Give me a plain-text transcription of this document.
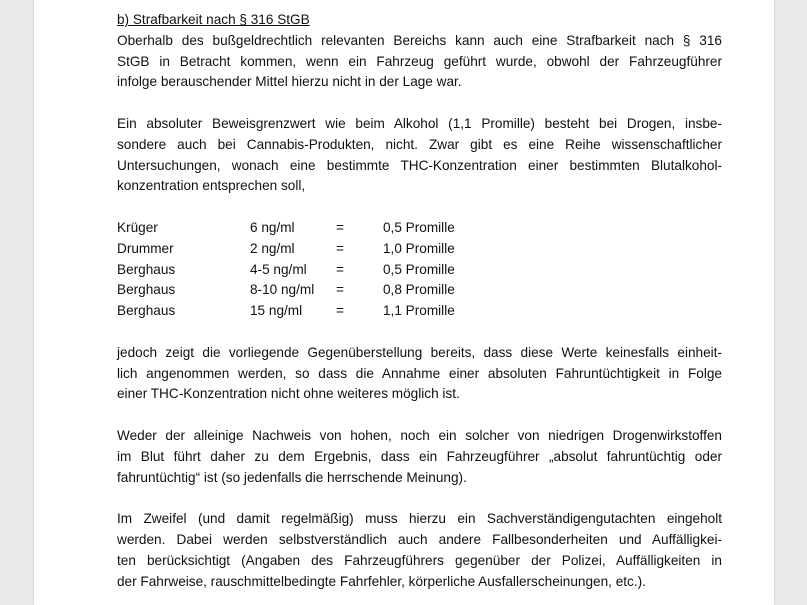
b) Strafbarkeit nach § 316 StGB

Oberhalb des bußgeldrechtlich relevanten Bereichs kann auch eine Strafbarkeit nach § 316
StGB in Betracht kommen, wenn ein Fahrzeug geführt wurde, obwohl der Fahrzeugführer
infolge berauschender Mittel hierzu nicht in der Lage war.

Ein absoluter Beweisgrenzwert wie beim Alkohol (1,1 Promille) besteht bei Drogen, insbe-
sondere auch bei Cannabis-Produkten, nicht. Zwar gibt es eine Reihe wissenschaftlicher
Untersuchungen, wonach eine bestimmte THC-Konzentration einer bestimmten Blutalkohol-
konzentration entsprechen soll,

Krüger	6 ng/ml	=	0,5 Promille
Drummer	2 ng/ml	=	1,0 Promille
Berghaus	4-5 ng/ml	=	0,5 Promille
Berghaus	8-10 ng/ml	=	0,8 Promille
Berghaus	15 ng/ml	=	1,1 Promille

jedoch zeigt die vorliegende Gegenüberstellung bereits, dass diese Werte keinesfalls einheit-
lich angenommen werden, so dass die Annahme einer absoluten Fahruntüchtigkeit in Folge
einer THC-Konzentration nicht ohne weiteres möglich ist.

Weder der alleinige Nachweis von hohen, noch ein solcher von niedrigen Drogenwirkstoffen
im Blut führt daher zu dem Ergebnis, dass ein Fahrzeugführer „absolut fahruntüchtig oder
fahruntüchtig“ ist (so jedenfalls die herrschende Meinung).

Im Zweifel (und damit regelmäßig) muss hierzu ein Sachverständigengutachten eingeholt
werden. Dabei werden selbstverständlich auch andere Fallbesonderheiten und Auffälligkei-
ten berücksichtigt (Angaben des Fahrzeugführers gegenüber der Polizei, Auffälligkeiten in
der Fahrweise, rauschmittelbedingte Fahrfehler, körperliche Ausfallerscheinungen, etc.).
